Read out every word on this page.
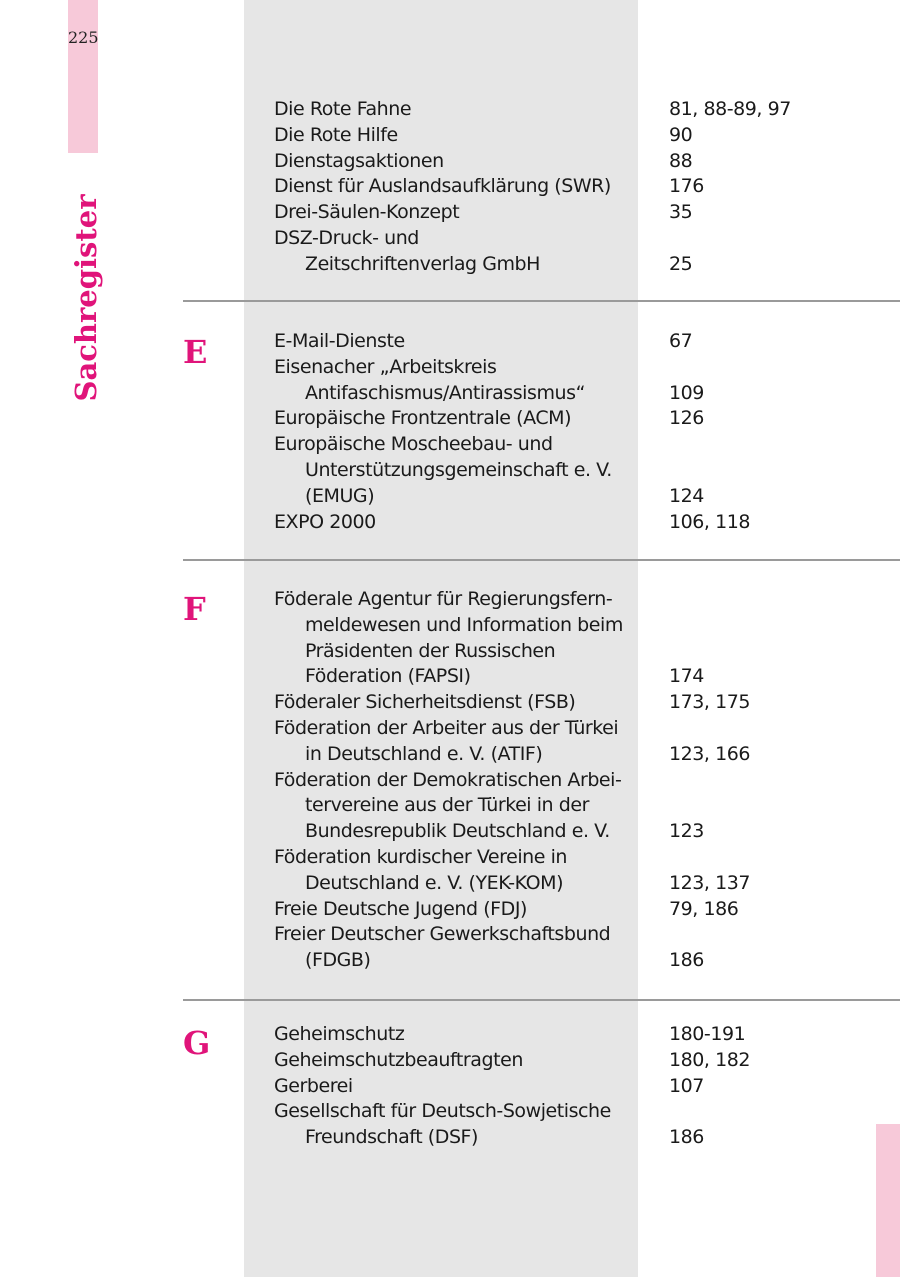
225
Sachregister	E
F
G
Die Rote Fahne	81, 88-89, 97
Die Rote Hilfe	90
Dienstagsaktionen	88
Dienst für Auslandsaufklärung (SWR)	176
Drei-Säulen-Konzept	35
DSZ-Druck- und
Zeitschriftenverlag GmbH	25
E-Mail-Dienste	67
Eisenacher „Arbeitskreis
Antifaschismus/Antirassismus“	109
Europäische Frontzentrale (ACM)	126
Europäische Moscheebau- und
Unterstützungsgemeinschaft e. V.
(EMUG)	124
EXPO 2000	106, 118
Föderale Agentur für Regierungsfern-
meldewesen und Information beim
Präsidenten der Russischen
Föderation (FAPSI)	174
Föderaler Sicherheitsdienst (FSB)	173, 175
Föderation der Arbeiter aus der Türkei
in Deutschland e. V. (ATIF)	123, 166
Föderation der Demokratischen Arbei-
tervereine aus der Türkei in der
Bundesrepublik Deutschland e. V.	123
Föderation kurdischer Vereine in
Deutschland e. V. (YEK-KOM)	123, 137
Freie Deutsche Jugend (FDJ)	79, 186
Freier Deutscher Gewerkschaftsbund
(FDGB)	186
Geheimschutz	180-191
Geheimschutzbeauftragten	180, 182
Gerberei	107
Gesellschaft für Deutsch-Sowjetische
Freundschaft (DSF)	186
